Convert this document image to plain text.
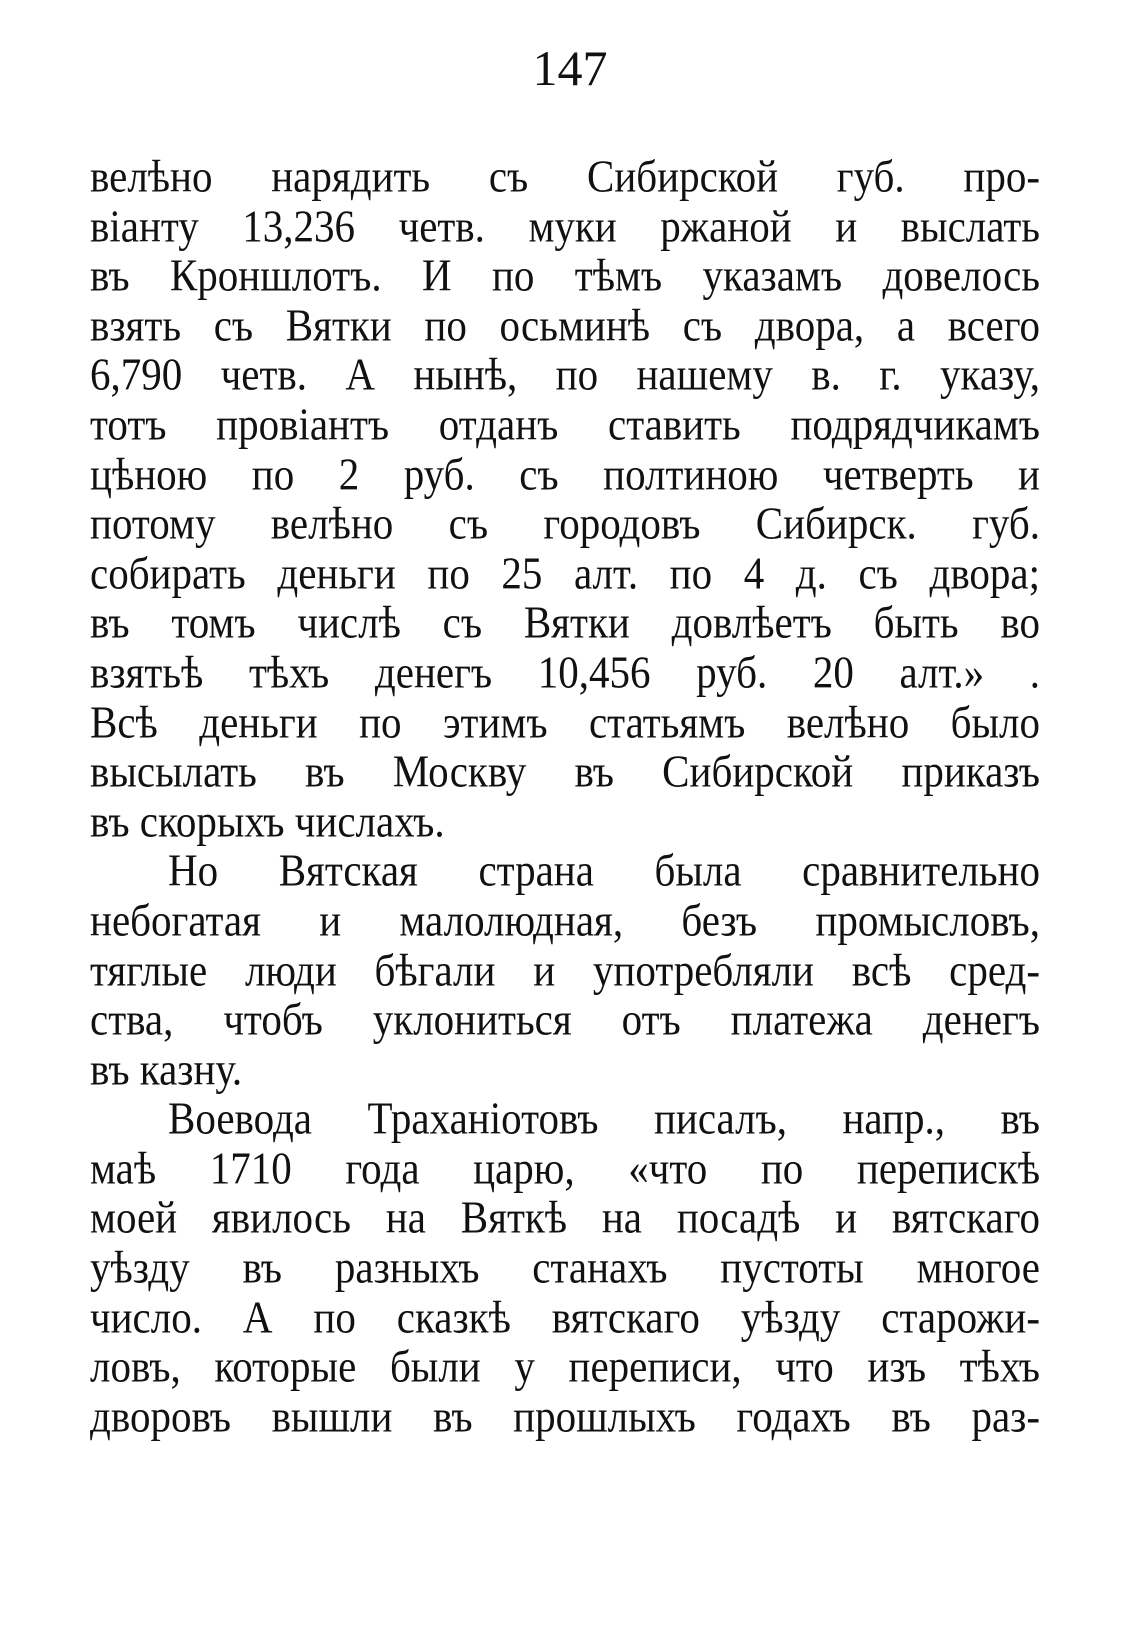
147
велѣно нарядить съ Сибирской губ. про-
віанту 13,236 четв. муки ржаной и выслать
въ Кроншлотъ. И по тѣмъ указамъ довелось
взять съ Вятки по осьминѣ съ двора, а всего
6,790 четв. А нынѣ, по нашему в. г. указу,
тотъ провіантъ отданъ ставить подрядчикамъ
цѣною по 2 руб. съ полтиною четверть и
потому велѣно съ городовъ Сибирск. губ.
собирать деньги по 25 алт. по 4 д. съ двора;
въ томъ числѣ съ Вятки довлѣетъ быть во
взятьѣ тѣхъ денегъ 10,456 руб. 20 алт.» .
Всѣ деньги по этимъ статьямъ велѣно было
высылать въ Москву въ Сибирской приказъ
въ скорыхъ числахъ.
Но Вятская страна была сравнительно
небогатая и малолюдная, безъ промысловъ,
тяглые люди бѣгали и употребляли всѣ сред-
ства, чтобъ уклониться отъ платежа денегъ
въ казну.
Воевода Траханіотовъ писалъ, напр., въ
маѣ 1710 года царю, «что по перепискѣ
моей явилось на Вяткѣ на посадѣ и вятскаго
уѣзду въ разныхъ станахъ пустоты многое
число. А по сказкѣ вятскаго уѣзду старожи-
ловъ, которые были у переписи, что изъ тѣхъ
дворовъ вышли въ прошлыхъ годахъ въ раз-
